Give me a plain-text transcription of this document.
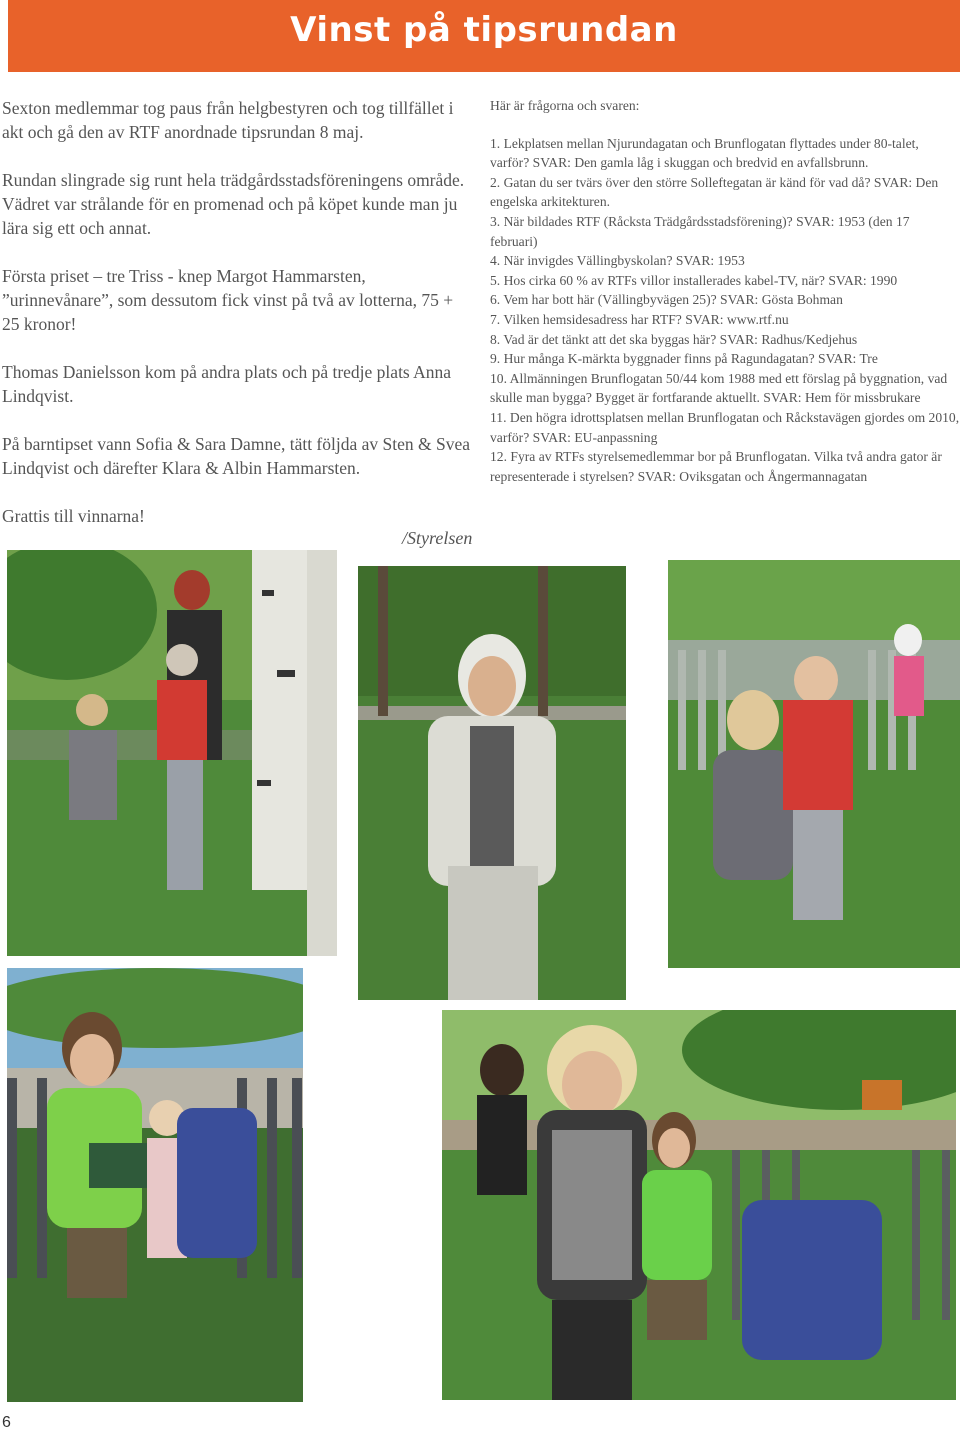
Vinst på tipsrundan

Sexton medlemmar tog paus från helgbestyren och tog tillfället i akt och gå den av RTF anordnade tipsrundan 8 maj.

Rundan slingrade sig runt hela trädgårdsstadsföreningens område. Vädret var strålande för en promenad och på köpet kunde man ju lära sig ett och annat.

Första priset – tre Triss - knep Margot Hammarsten, ”urinnevånare”, som dessutom fick vinst på två av lotterna, 75 + 25 kronor!

Thomas Danielsson kom på andra plats och på tredje plats Anna Lindqvist.

På barntipset vann Sofia & Sara Damne, tätt följda av Sten & Svea Lindqvist och därefter Klara & Albin Hammarsten.

Grattis till vinnarna!

/Styrelsen

Här är frågorna och svaren:

1. Lekplatsen mellan Njurundagatan och Brunflogatan flyttades under 80-talet, varför? SVAR: Den gamla låg i skuggan och bredvid en avfallsbrunn.

2. Gatan du ser tvärs över den större Solleftegatan är känd för vad då? SVAR: Den engelska arkitekturen.

3. När bildades RTF (Råcksta Trädgårdsstadsförening)? SVAR: 1953 (den 17 februari)

4. När invigdes Vällingbyskolan? SVAR: 1953

5. Hos cirka 60 % av RTFs villor installerades kabel-TV, när? SVAR: 1990

6. Vem har bott här (Vällingbyvägen 25)? SVAR: Gösta Bohman

7. Vilken hemsidesadress har RTF? SVAR: www.rtf.nu

8. Vad är det tänkt att det ska byggas här? SVAR: Radhus/Kedjehus

9. Hur många K-märkta byggnader finns på Ragundagatan? SVAR: Tre

10. Allmänningen Brunflogatan 50/44 kom 1988 med ett förslag på byggnation, vad skulle man bygga? Bygget är fortfarande aktuellt. SVAR: Hem för missbrukare

11. Den högra idrottsplatsen mellan Brunflogatan och Råckstavägen gjordes om 2010, varför? SVAR: EU-anpassning

12. Fyra av RTFs styrelsemedlemmar bor på Brunflogatan. Vilka två andra gator är representerade i styrelsen? SVAR: Oviksgatan och Ångermannagatan

6
